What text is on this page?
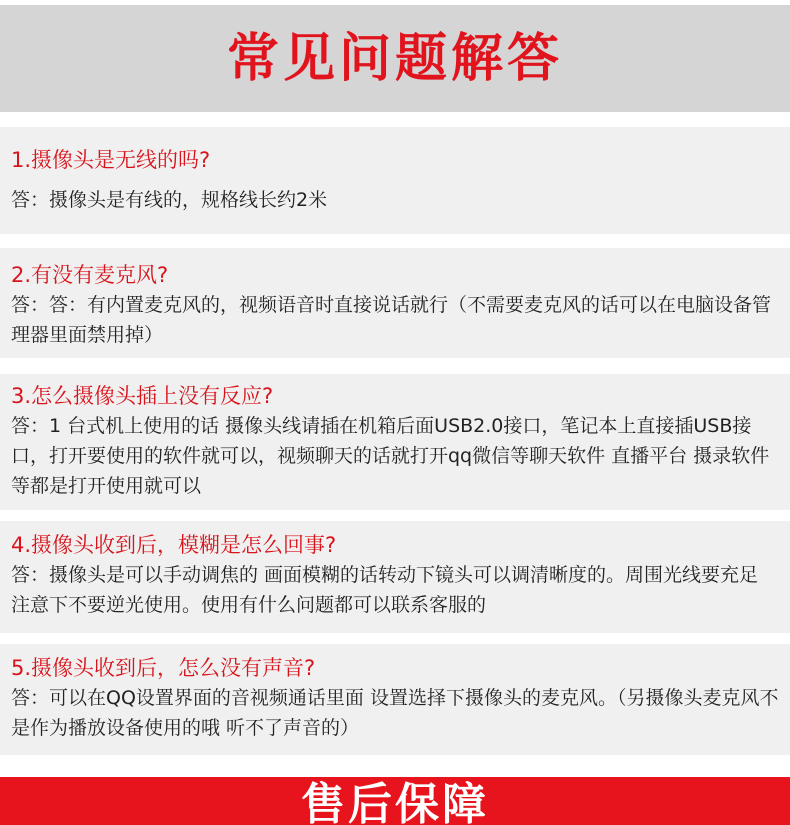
常见问题解答
1.摄像头是无线的吗?
答：摄像头是有线的，规格线长约2米
2.有没有麦克风?
答：答：有内置麦克风的，视频语音时直接说话就行（不需要麦克风的话可以在电脑设备管理器里面禁用掉）
3.怎么摄像头插上没有反应?
答：1 台式机上使用的话 摄像头线请插在机箱后面USB2.0接口，笔记本上直接插USB接口，打开要使用的软件就可以，视频聊天的话就打开qq微信等聊天软件 直播平台 摄录软件等都是打开使用就可以
4.摄像头收到后，模糊是怎么回事?
答：摄像头是可以手动调焦的 画面模糊的话转动下镜头可以调清晰度的。周围光线要充足 注意下不要逆光使用。使用有什么问题都可以联系客服的
5.摄像头收到后，怎么没有声音?
答：可以在QQ设置界面的音视频通话里面 设置选择下摄像头的麦克风。（另摄像头麦克风不是作为播放设备使用的哦 听不了声音的）
售后保障
